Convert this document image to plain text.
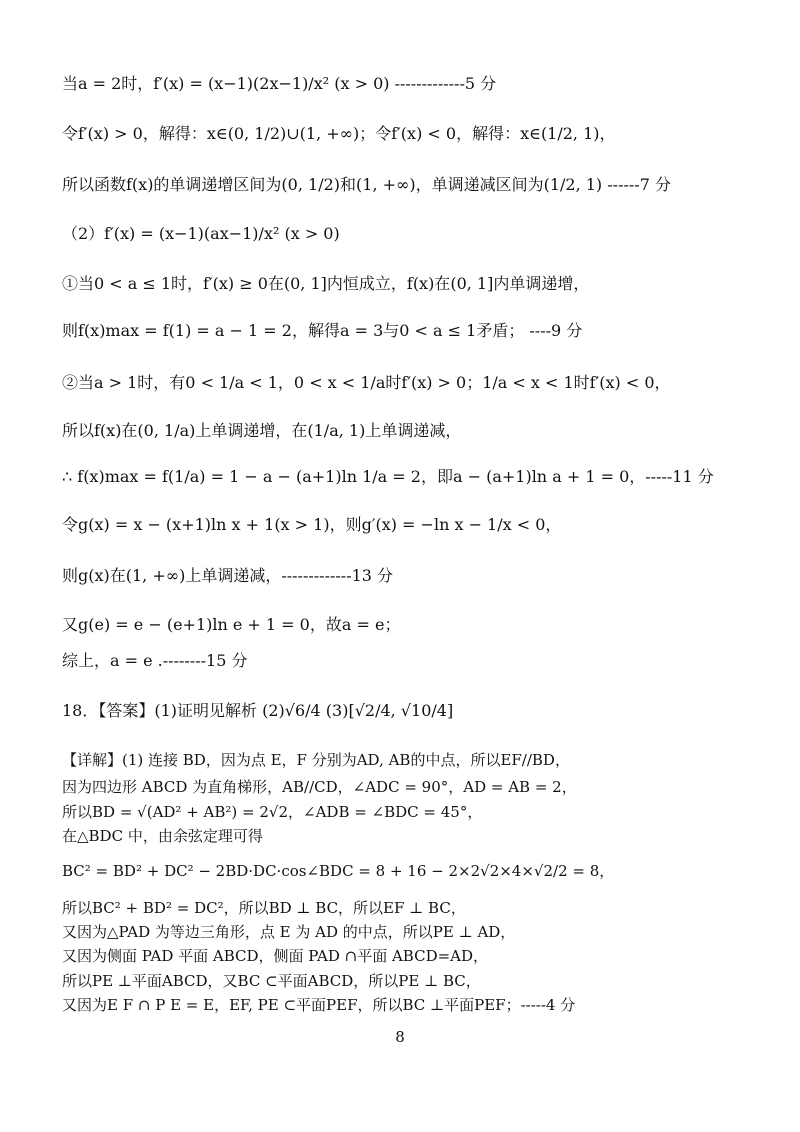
当a = 2时，f′(x) = (x−1)(2x−1)/x² (x > 0) -------------5 分
令f′(x) > 0，解得：x∈(0, 1/2)∪(1, +∞)；令f′(x) < 0，解得：x∈(1/2, 1)，
所以函数f(x)的单调递增区间为(0, 1/2)和(1, +∞)，单调递减区间为(1/2, 1) ------7 分
（2）f′(x) = (x−1)(ax−1)/x² (x > 0)
①当0 < a ≤ 1时，f′(x) ≥ 0在(0, 1]内恒成立，f(x)在(0, 1]内单调递增，
则f(x)max = f(1) = a − 1 = 2，解得a = 3与0 < a ≤ 1矛盾； ----9 分
②当a > 1时，有0 < 1/a < 1，0 < x < 1/a时f′(x) > 0；1/a < x < 1时f′(x) < 0，
所以f(x)在(0, 1/a)上单调递增，在(1/a, 1)上单调递减，
∴ f(x)max = f(1/a) = 1 − a − (a+1)ln 1/a = 2，即a − (a+1)ln a + 1 = 0，-----11 分
令g(x) = x − (x+1)ln x + 1(x > 1)，则g′(x) = −ln x − 1/x < 0，
则g(x)在(1, +∞)上单调递减，-------------13 分
又g(e) = e − (e+1)ln e + 1 = 0，故a = e；
综上，a = e .--------15 分
18．【答案】(1)证明见解析 (2)√6/4 (3)[√2/4, √10/4]
【详解】(1) 连接 BD，因为点 E，F 分别为AD, AB的中点，所以EF//BD，
因为四边形 ABCD 为直角梯形，AB//CD，∠ADC = 90°，AD = AB = 2，
所以BD = √(AD² + AB²) = 2√2，∠ADB = ∠BDC = 45°，
在△BDC 中，由余弦定理可得
BC² = BD² + DC² − 2BD·DC·cos∠BDC = 8 + 16 − 2×2√2×4×√2/2 = 8，
所以BC² + BD² = DC²，所以BD ⊥ BC，所以EF ⊥ BC，
又因为△PAD 为等边三角形，点 E 为 AD 的中点，所以PE ⊥ AD，
又因为侧面 PAD 平面 ABCD，侧面 PAD ∩平面 ABCD=AD，
所以PE ⊥平面ABCD，又BC ⊂平面ABCD，所以PE ⊥ BC，
又因为E F ∩ P E = E，EF, PE ⊂平面PEF，所以BC ⊥平面PEF；-----4 分
8
